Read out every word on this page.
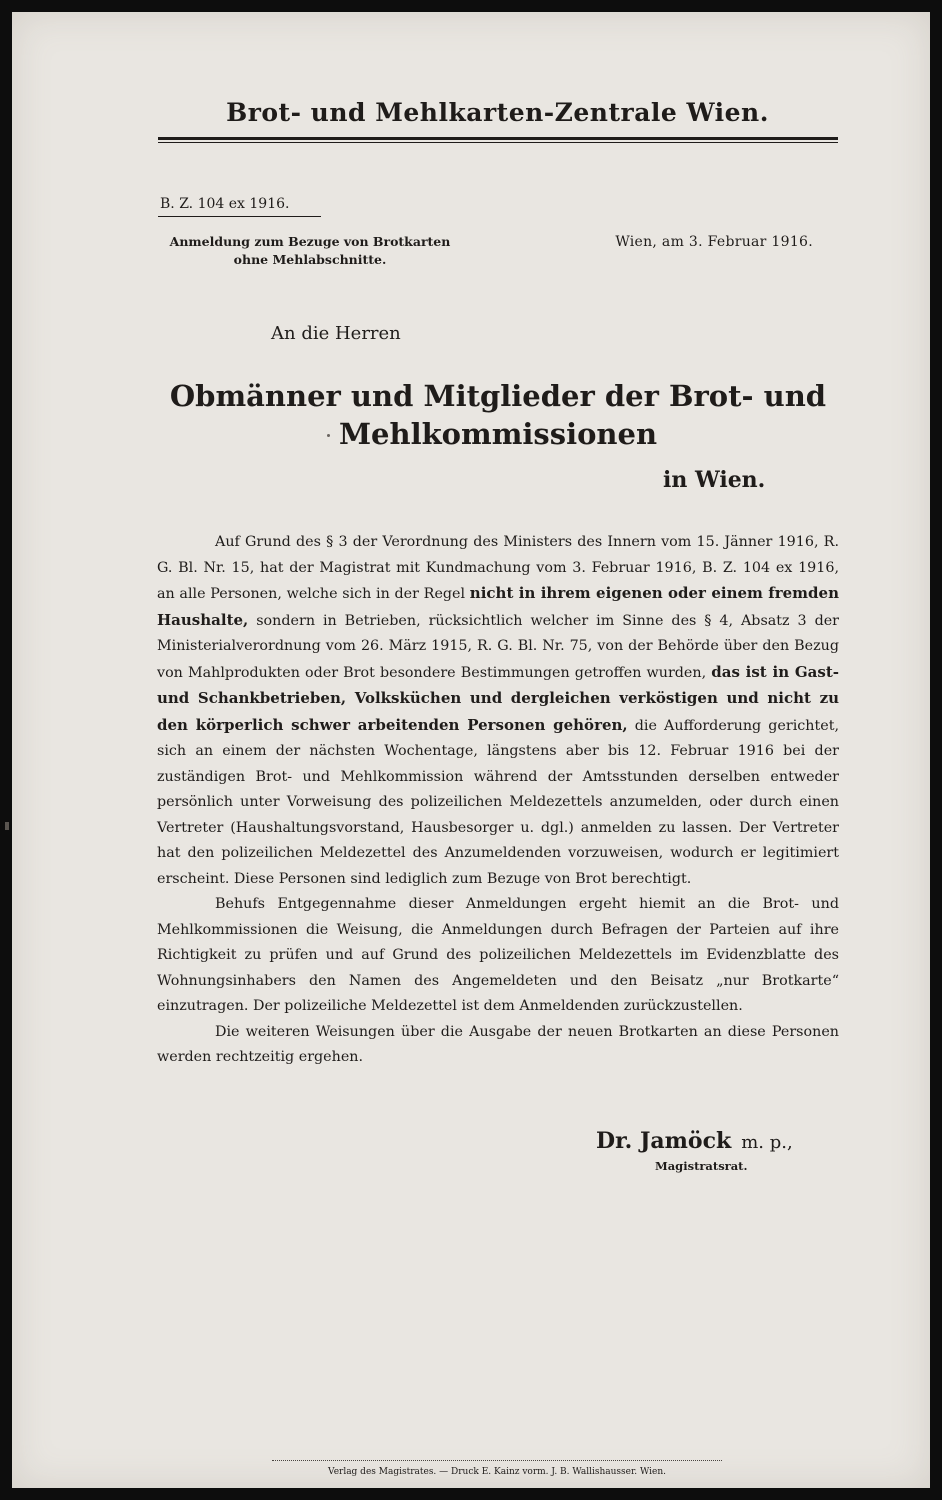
Brot- und Mehlkarten-Zentrale Wien.
B. Z. 104 ex 1916.
Anmeldung zum Bezuge von Brotkarten ohne Mehlabschnitte.
Wien, am 3. Februar 1916.
An die Herren
Obmänner und Mitglieder der Brot- und Mehlkommissionen
in Wien.

Auf Grund des § 3 der Verordnung des Ministers des Innern vom 15. Jänner 1916, R. G. Bl. Nr. 15, hat der Magistrat mit Kundmachung vom 3. Februar 1916, B. Z. 104 ex 1916, an alle Personen, welche sich in der Regel nicht in ihrem eigenen oder einem fremden Haushalte, sondern in Betrieben, rücksichtlich welcher im Sinne des § 4, Absatz 3 der Ministerialverordnung vom 26. März 1915, R. G. Bl. Nr. 75, von der Behörde über den Bezug von Mahlprodukten oder Brot besondere Bestimmungen getroffen wurden, das ist in Gast- und Schankbetrieben, Volksküchen und dergleichen verköstigen und nicht zu den körperlich schwer arbeitenden Personen gehören, die Aufforderung gerichtet, sich an einem der nächsten Wochentage, längstens aber bis 12. Februar 1916 bei der zuständigen Brot- und Mehlkommission während der Amtsstunden derselben entweder persönlich unter Vorweisung des polizeilichen Meldezettels anzumelden, oder durch einen Vertreter (Haushaltungsvorstand, Hausbesorger u. dgl.) anmelden zu lassen. Der Vertreter hat den polizeilichen Meldezettel des Anzumeldenden vorzuweisen, wodurch er legitimiert erscheint. Diese Personen sind lediglich zum Bezuge von Brot berechtigt.

Behufs Entgegennahme dieser Anmeldungen ergeht hiemit an die Brot- und Mehlkommissionen die Weisung, die Anmeldungen durch Befragen der Parteien auf ihre Richtigkeit zu prüfen und auf Grund des polizeilichen Meldezettels im Evidenzblatte des Wohnungsinhabers den Namen des Angemeldeten und den Beisatz „nur Brotkarte“ einzutragen. Der polizeiliche Meldezettel ist dem Anmeldenden zurückzustellen.

Die weiteren Weisungen über die Ausgabe der neuen Brotkarten an diese Personen werden rechtzeitig ergehen.

Dr. Jamöck m. p.,
Magistratsrat.
Verlag des Magistrates. — Druck E. Kainz vorm. J. B. Wallishausser. Wien.
